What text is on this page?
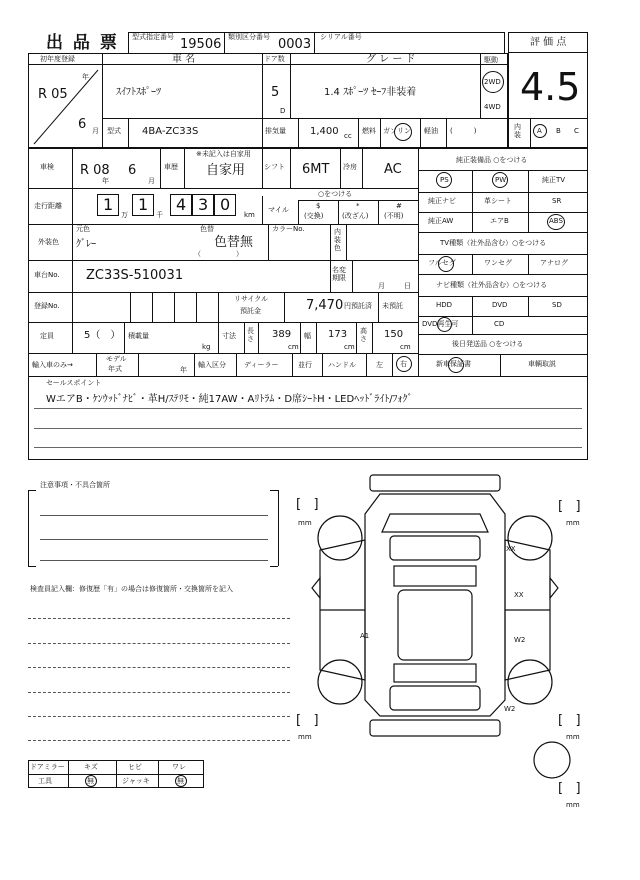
出 品 票 型式指定番号 19506 類別区分番号 0003 シリアル番号	評 価 点
4.5
内装	A B C
初年度登録
R 05
年
6 月
車 名
ｽｲﾌﾄｽﾎﾟｰﾂ
ドア数
5
D
グ レ ー ド
1.4 ｽﾎﾟｰﾂ ｾｰﾌ非装着
駆動
2WD
4WD
型式 4BA-ZC33S	排気量 1,400 cc
燃料 ガソリン 軽油 (　　　)
車検 R 08
年
6
月
車歴
※未記入は自家用
自家用	シフト 6MT 冷房 AC
純正装備品 ○をつける
PS	PW	純正TV
純正ナビ	革シート	SR
純正AW	エアB	ABS
TV種類（社外品含む）○をつける
フルセグ	ワンセグ	アナログ
ナビ種類（社外品含む）○をつける
HDD	DVD	SD
DVD再生可	CD
後日発送品 ○をつける
新車保証書	車輌取説
走行距離	1
万
1
千
4 3 0
km
○をつける
マイル	$
(交換)
*
(改ざん)
#
(不明)
外装色
元色
ｸﾞﾚｰ
色替
色替無
（　　　　　）
カラーNo.	内装色
車台No. ZC33S-510031	名変期限
月	日
登録No.
リサイクル
預託金	7,470 円預託済 未預託
定員	5（　） 積載量
kg
寸法
長さ 389
cm
幅 173
cm
高さ 150
cm
輸入車のみ→
モデル
年式	年
輸入区分	ディーラー	並行 ハンドル	左 右
セールスポイント
WエアB・ｹﾝｳｯﾄﾞﾅﾋﾞ・革H/ｽﾃﾘﾓ・純17AW・Aﾘﾄﾗﾑ・D席ｼｰﾄH・LEDﾍｯﾄﾞﾗｲﾄ/ﾌｫｸﾞ
注意事項・不具合箇所
検査員記入欄：修復歴「有」の場合は修復箇所・交換箇所を記入
ドアミラー	キズ	ヒビ	ワレ
工具	無	ジャッキ	無
A1	W2
W2
XX
XX
[   ]
mm
[   ]
mm
[   ]
mm
[   ]
mm
[   ]
mm
